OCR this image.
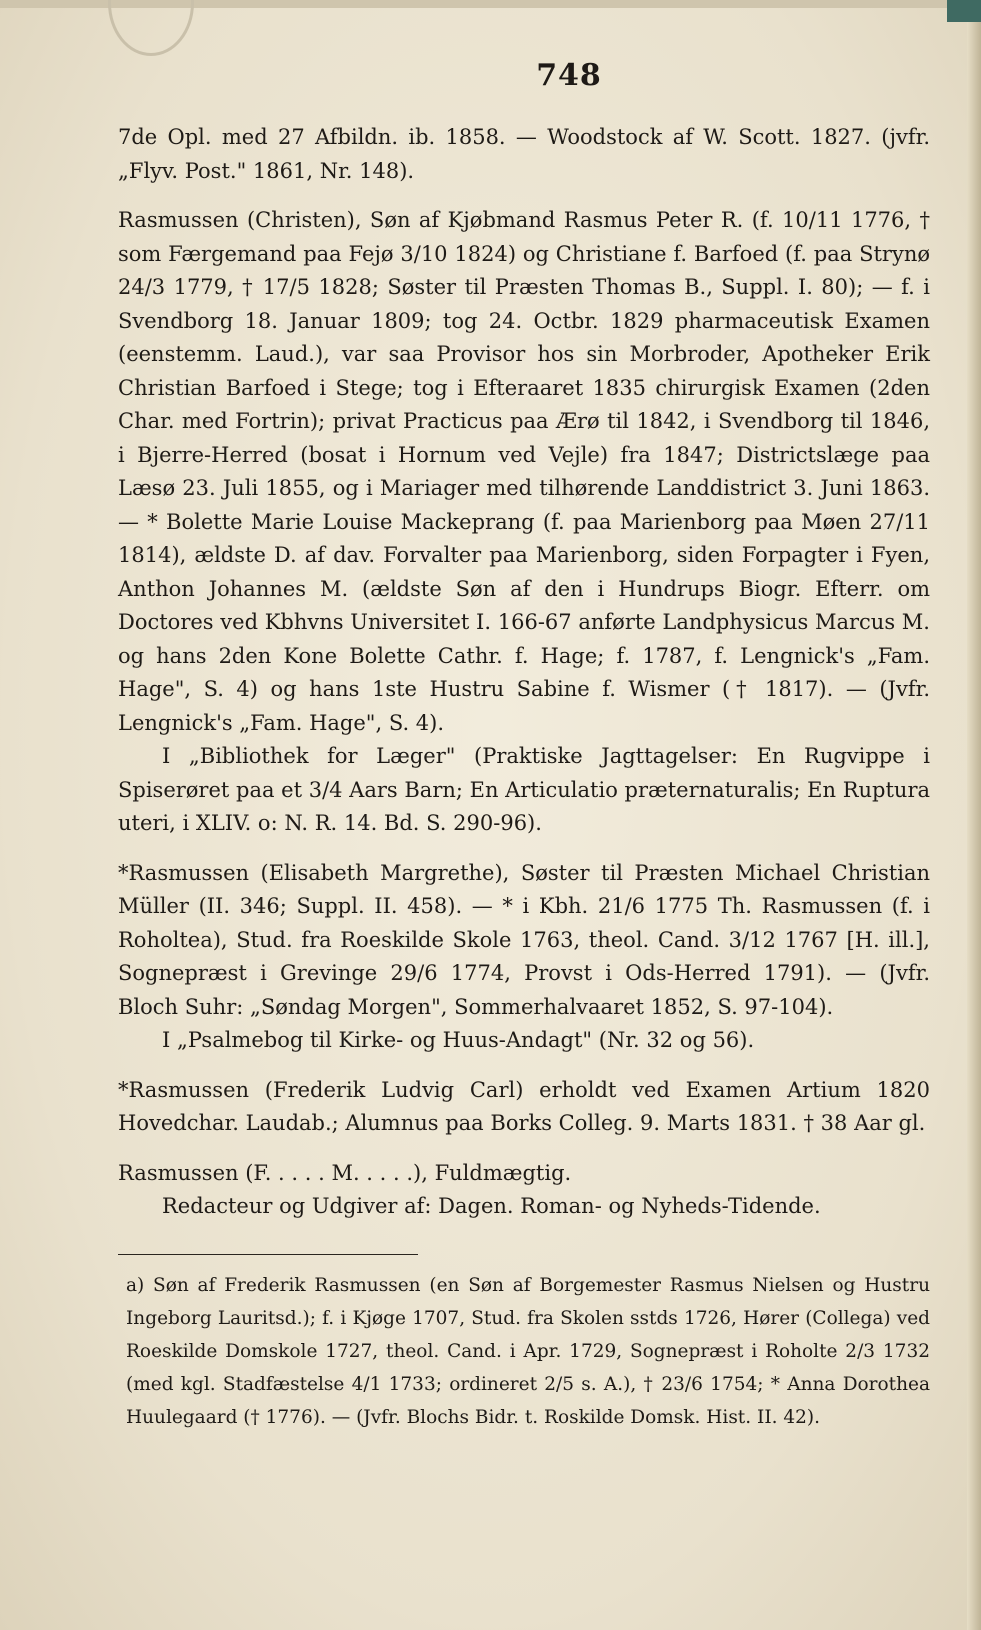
748

7de Opl. med 27 Afbildn. ib. 1858. — Woodstock af W. Scott. 1827. (jvfr. „Flyv. Post." 1861, Nr. 148).

Rasmussen (Christen), Søn af Kjøbmand Rasmus Peter R. (f. 10/11 1776, † som Færgemand paa Fejø 3/10 1824) og Christiane f. Barfoed (f. paa Strynø 24/3 1779, † 17/5 1828; Søster til Præsten Thomas B., Suppl. I. 80); — f. i Svendborg 18. Januar 1809; tog 24. Octbr. 1829 pharmaceutisk Examen (eenstemm. Laud.), var saa Provisor hos sin Morbroder, Apotheker Erik Christian Barfoed i Stege; tog i Efteraaret 1835 chirurgisk Examen (2den Char. med Fortrin); privat Practicus paa Ærø til 1842, i Svendborg til 1846, i Bjerre-Herred (bosat i Hornum ved Vejle) fra 1847; Districtslæge paa Læsø 23. Juli 1855, og i Mariager med tilhørende Landdistrict 3. Juni 1863. — * Bolette Marie Louise Mackeprang (f. paa Marienborg paa Møen 27/11 1814), ældste D. af dav. Forvalter paa Marienborg, siden Forpagter i Fyen, Anthon Johannes M. (ældste Søn af den i Hundrups Biogr. Efterr. om Doctores ved Kbhvns Universitet I. 166-67 anførte Landphysicus Marcus M. og hans 2den Kone Bolette Cathr. f. Hage; f. 1787, f. Lengnick's „Fam. Hage", S. 4) og hans 1ste Hustru Sabine f. Wismer († 1817). — (Jvfr. Lengnick's „Fam. Hage", S. 4).

I „Bibliothek for Læger" (Praktiske Jagttagelser: En Rugvippe i Spiserøret paa et 3/4 Aars Barn; En Articulatio præternaturalis; En Ruptura uteri, i XLIV. o: N. R. 14. Bd. S. 290-96).

*Rasmussen (Elisabeth Margrethe), Søster til Præsten Michael Christian Müller (II. 346; Suppl. II. 458). — * i Kbh. 21/6 1775 Th. Rasmussen (f. i Roholtea), Stud. fra Roeskilde Skole 1763, theol. Cand. 3/12 1767 [H. ill.], Sognepræst i Grevinge 29/6 1774, Provst i Ods-Herred 1791). — (Jvfr. Bloch Suhr: „Søndag Morgen", Sommerhalvaaret 1852, S. 97-104).

I „Psalmebog til Kirke- og Huus-Andagt" (Nr. 32 og 56).

*Rasmussen (Frederik Ludvig Carl) erholdt ved Examen Artium 1820 Hovedchar. Laudab.; Alumnus paa Borks Colleg. 9. Marts 1831. † 38 Aar gl.

Rasmussen (F. . . . . M. . . . .), Fuldmægtig.

Redacteur og Udgiver af: Dagen. Roman- og Nyheds-Tidende.

a) Søn af Frederik Rasmussen (en Søn af Borgemester Rasmus Nielsen og Hustru Ingeborg Lauritsd.); f. i Kjøge 1707, Stud. fra Skolen sstds 1726, Hører (Collega) ved Roeskilde Domskole 1727, theol. Cand. i Apr. 1729, Sognepræst i Roholte 2/3 1732 (med kgl. Stadfæstelse 4/1 1733; ordineret 2/5 s. A.), † 23/6 1754; * Anna Dorothea Huulegaard († 1776). — (Jvfr. Blochs Bidr. t. Roskilde Domsk. Hist. II. 42).
